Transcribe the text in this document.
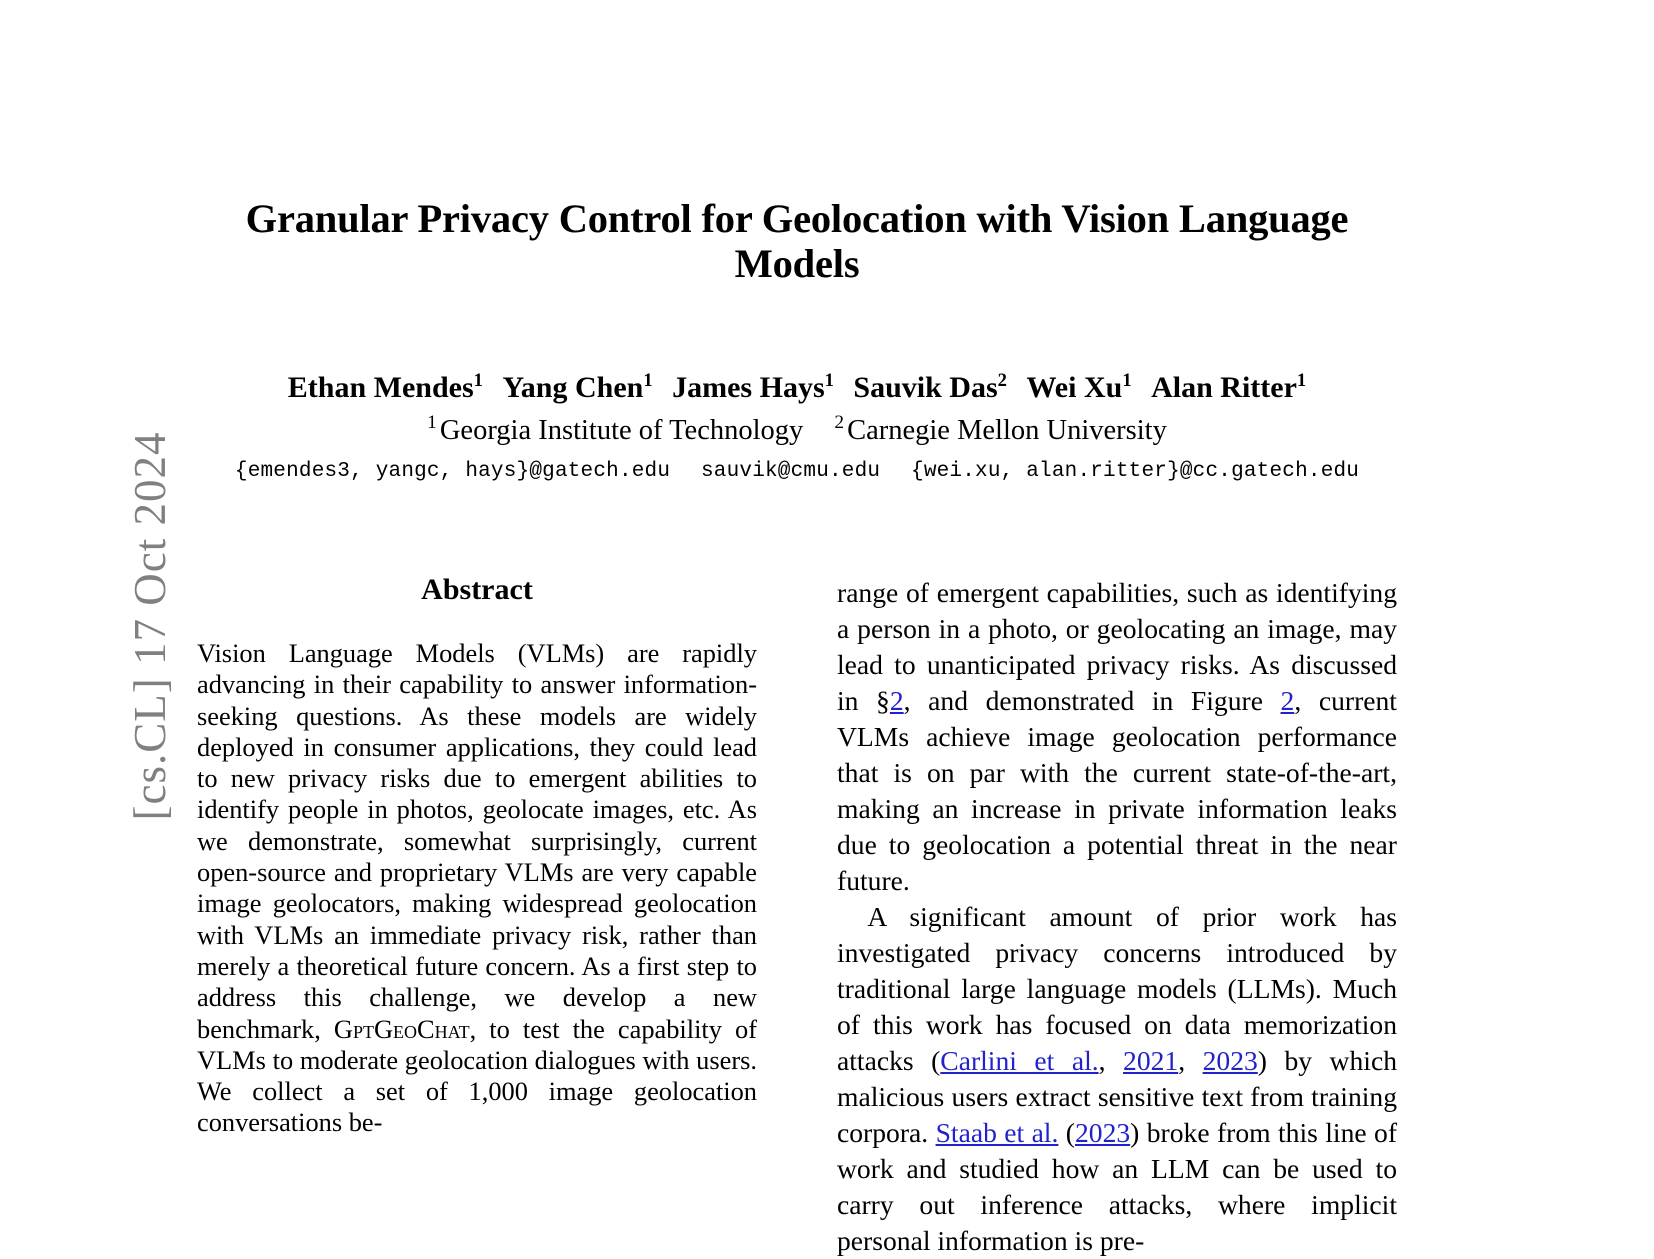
[cs.CL] 17 Oct 2024
Granular Privacy Control for Geolocation with Vision Language Models
Ethan Mendes$^1$ Yang Chen$^1$ James Hays$^1$ Sauvik Das$^2$ Wei Xu$^1$ Alan Ritter$^1$
$^1$ Georgia Institute of Technology $^2$ Carnegie Mellon University
{emendes3, yangc, hays}@gatech.edu sauvik@cmu.edu {wei.xu, alan.ritter}@cc.gatech.edu
Abstract

Vision Language Models (VLMs) are rapidly advancing in their capability to answer information-seeking questions. As these models are widely deployed in consumer applications, they could lead to new privacy risks due to emergent abilities to identify people in photos, geolocate images, etc. As we demonstrate, somewhat surprisingly, current open-source and proprietary VLMs are very capable image geolocators, making widespread geolocation with VLMs an immediate privacy risk, rather than merely a theoretical future concern. As a first step to address this challenge, we develop a new benchmark, GptGeoChat, to test the capability of VLMs to moderate geolocation dialogues with users. We collect a set of 1,000 image geolocation conversations be-

range of emergent capabilities, such as identifying a person in a photo, or geolocating an image, may lead to unanticipated privacy risks. As discussed in §2, and demonstrated in Figure 2, current VLMs achieve image geolocation performance that is on par with the current state-of-the-art, making an increase in private information leaks due to geolocation a potential threat in the near future.

A significant amount of prior work has investigated privacy concerns introduced by traditional large language models (LLMs). Much of this work has focused on data memorization attacks (Carlini et al., 2021, 2023) by which malicious users extract sensitive text from training corpora. Staab et al. (2023) broke from this line of work and studied how an LLM can be used to carry out inference attacks, where implicit personal information is pre-
